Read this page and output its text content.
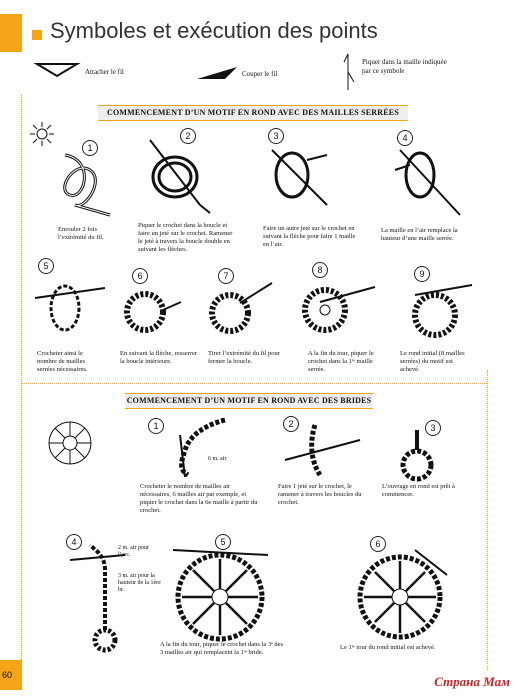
Symboles et exécution des points
Attacher le fil	Couper le fil
Piquer dans la maille indiquée par ce symbole
COMMENCEMENT D’UN MOTIF EN ROND AVEC DES MAILLES SERRÉES
1
2	3	4
Enrouler 2 fois l’extrémité du fil.
Piquer le crochet dans la boucle et faire un jeté sur le crochet. Ramener le jeté à travers la boucle double en suivant les flèches.
Faire un autre jeté sur le crochet en suivant la flèche pour faire 1 maille en l’air.
La maille en l’air remplace la hauteur d’une maille serrée.
5
6	7
8	9
Crocheter ainsi le nombre de mailles serrées nécessaires.
En suivant la flèche, resserrer la boucle intérieure.
Tirer l’extrémité du fil pour fermer la boucle.
A la fin du tour, piquer le crochet dans la 1ʳᵉ maille serrée.
Le rond initial (8 mailles serrées) du motif est achevé.
COMMENCEMENT D’UN MOTIF EN ROND AVEC DES BRIDES
1
6 m. air
2	3
Crocheter le nombre de mailles air nécessaires, 6 mailles air par exemple, et piquer le crochet dans la 6e maille à partir du crochet.
Faire 1 jeté sur le crochet, le ramener à travers les boucles du crochet.
L’ouvrage en rond est prêt à commencer.
4
2 m. air pour l’arc.
3 m. air pour la hauteur de la 1ère br.
5	6
A la fin du tour, piquer le crochet dans la 3ᵉ des 3 mailles air qui remplacent la 1ʳᵉ bride.
Le 1ᵉʳ tour du rond initial est achevé.
60	Страна Мам
